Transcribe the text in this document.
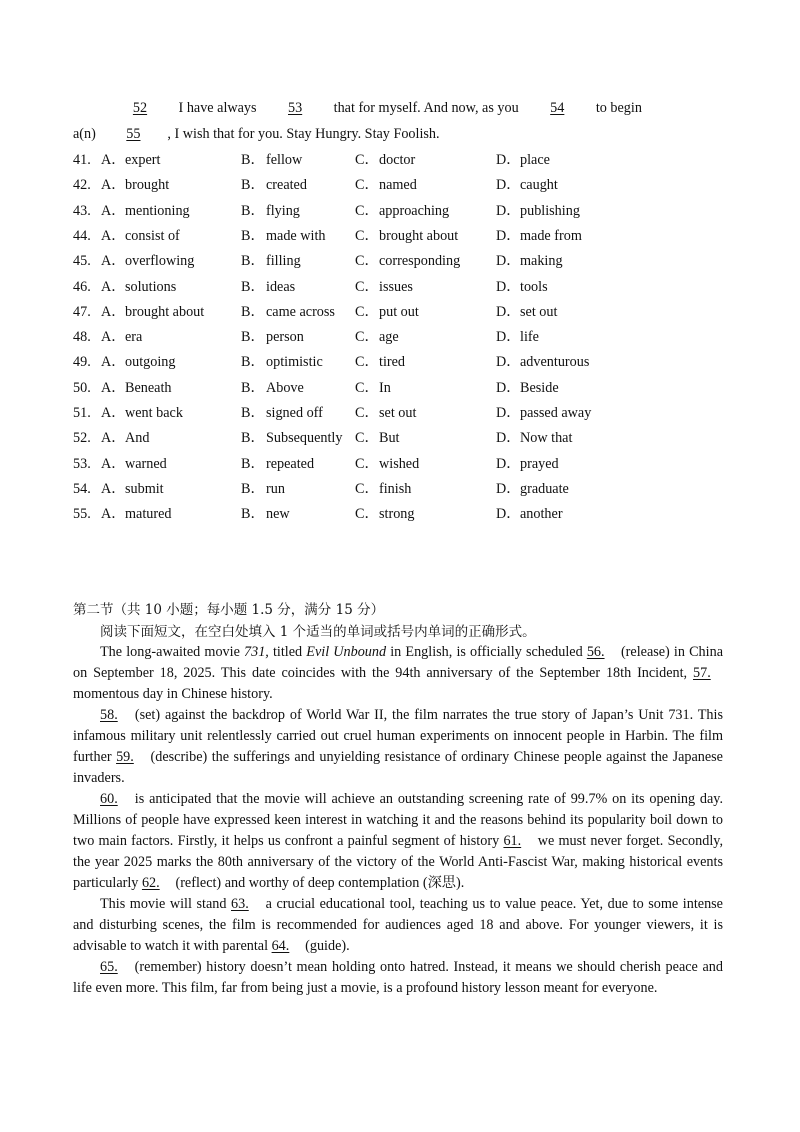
52 I have always 53 that for myself. And now, as you 54 to begin
a(n) 55 , I wish that for you. Stay Hungry. Stay Foolish.
41. A． expert	B． fellow	C． doctor	D． place
42. A． brought	B． created	C． named	D． caught
43. A． mentioning	B． flying	C． approaching	D． publishing
44. A． consist of	B． made with C． brought about	D． made from
45. A． overflowing	B． filling	C． corresponding	D． making
46. A． solutions	B． ideas	C． issues	D． tools
47. A． brought about	B． came across C． put out	D． set out
48. A． era	B． person	C． age	D． life
49. A． outgoing	B． optimistic C． tired	D． adventurous
50. A． Beneath	B． Above	C． In	D． Beside
51. A． went back	B． signed off C． set out	D． passed away
52. A． And	B． Subsequently C． But	D． Now that
53. A． warned	B． repeated	C． wished	D． prayed
54. A． submit	B． run	C． finish	D． graduate
55. A． matured	B． new	C． strong	D． another
第二节（共 10 小题；每小题 1.5 分，满分 15 分）
阅读下面短文，在空白处填入 1 个适当的单词或括号内单词的正确形式。
The long-awaited movie 731, titled Evil Unbound in English, is officially scheduled 56. (release) in China on September 18, 2025. This date coincides with the 94th anniversary of the September 18th Incident, 57. momentous day in Chinese history.
58. (set) against the backdrop of World War II, the film narrates the true story of Japan’s Unit 731. This infamous military unit relentlessly carried out cruel human experiments on innocent people in Harbin. The film further 59. (describe) the sufferings and unyielding resistance of ordinary Chinese people against the Japanese invaders.
60. is anticipated that the movie will achieve an outstanding screening rate of 99.7% on its opening day. Millions of people have expressed keen interest in watching it and the reasons behind its popularity boil down to two main factors. Firstly, it helps us confront a painful segment of history 61. we must never forget. Secondly, the year 2025 marks the 80th anniversary of the victory of the World Anti-Fascist War, making historical events particularly 62. (reflect) and worthy of deep contemplation (深思).
This movie will stand 63. a crucial educational tool, teaching us to value peace. Yet, due to some intense and disturbing scenes, the film is recommended for audiences aged 18 and above. For younger viewers, it is advisable to watch it with parental 64. (guide).
65. (remember) history doesn’t mean holding onto hatred. Instead, it means we should cherish peace and life even more. This film, far from being just a movie, is a profound history lesson meant for everyone.
